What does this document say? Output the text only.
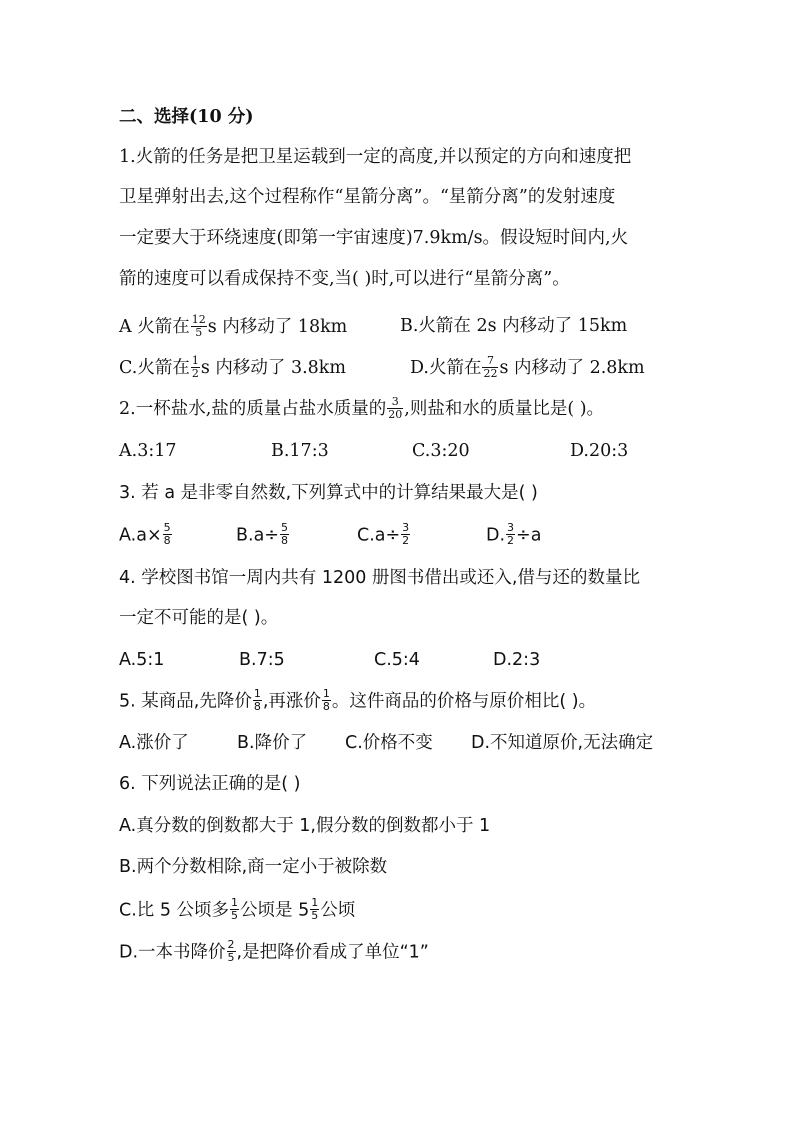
二、选择(10 分)
1.火箭的任务是把卫星运载到一定的高度,并以预定的方向和速度把
卫星弹射出去,这个过程称作“星箭分离”。“星箭分离”的发射速度
一定要大于环绕速度(即第一宇宙速度)7.9km/s。假设短时间内,火
箭的速度可以看成保持不变,当( )时,可以进行“星箭分离”。
A 火箭在 $\frac{12}{5}$ s 内移动了 18km	B.火箭在 2s 内移动了 15km
C.火箭在 $\frac{1}{2}$ s 内移动了 3.8km	D.火箭在 $\frac{7}{22}$ s 内移动了 2.8km
2.一杯盐水,盐的质量占盐水质量的 $\frac{3}{20}$ ,则盐和水的质量比是( )。
A.3:17	B.17:3	C.3:20	D.20:3
3. 若 a 是非零自然数,下列算式中的计算结果最大是( )
$A.a\times \frac{5}{8}$	$B.a\div \frac{5}{8}$	$C.a\div \frac{3}{2}$	D. $\frac{3}{2} \div a$
4. 学校图书馆一周内共有 1200 册图书借出或还入,借与还的数量比
一定不可能的是( )。
A.5:1	B.7:5	C.5:4	D.2:3
5. 某商品,先降价 $\frac{1}{8}$ ,再涨价 $\frac{1}{8}$ 。这件商品的价格与原价相比( )。
A.涨价了	B.降价了 C.价格不变 D.不知道原价,无法确定
6. 下列说法正确的是( )
A.真分数的倒数都大于 1,假分数的倒数都小于 1
B.两个分数相除,商一定小于被除数
C.比 5 公顷多 $\frac{1}{5}$ 公顷是 $5 \frac{1}{5}$ 公顷
D.一本书降价 $\frac{2}{5}$ ,是把降价看成了单位“1”
